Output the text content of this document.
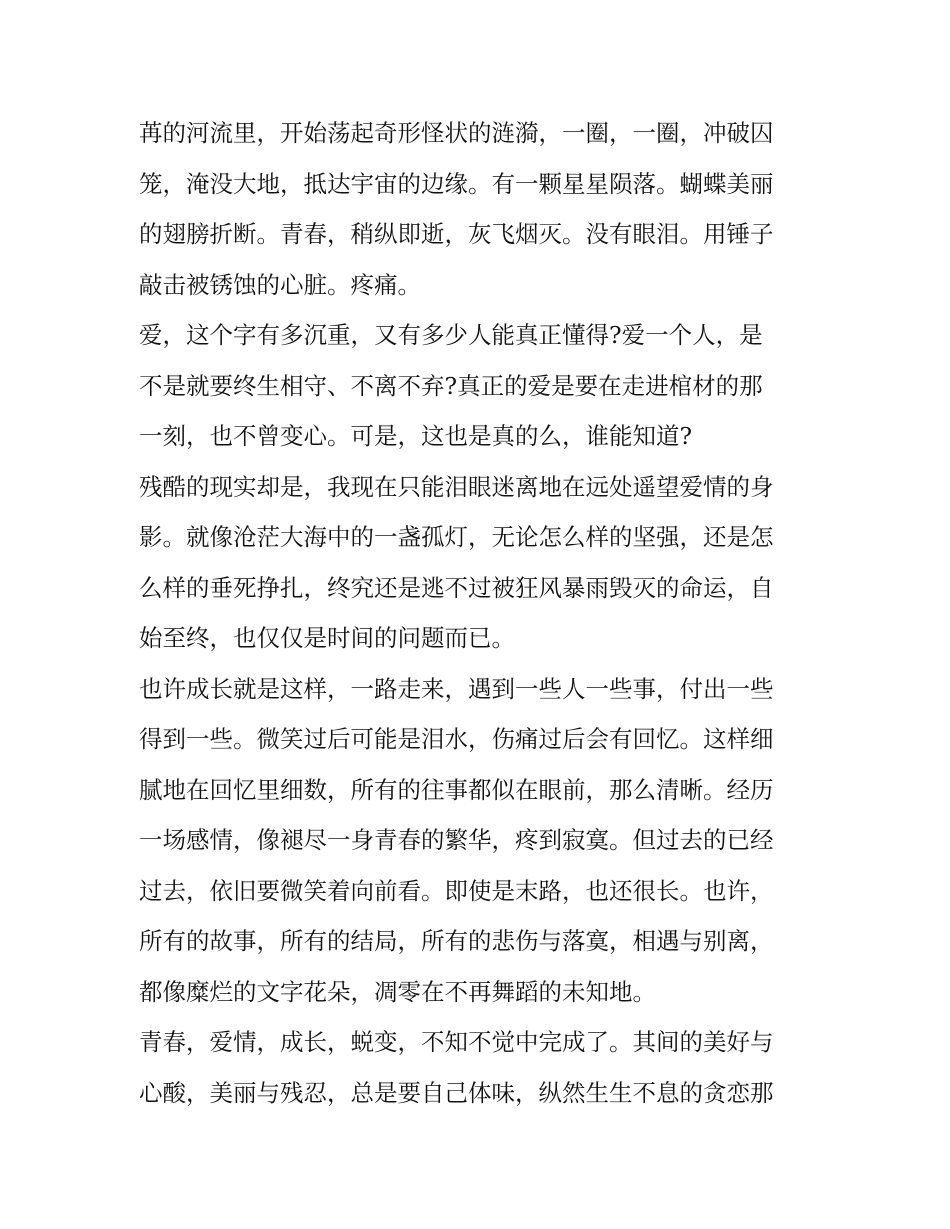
苒的河流里，开始荡起奇形怪状的涟漪，一圈，一圈，冲破囚
笼，淹没大地，抵达宇宙的边缘。有一颗星星陨落。蝴蝶美丽
的翅膀折断。青春，稍纵即逝，灰飞烟灭。没有眼泪。用锤子
敲击被锈蚀的心脏。疼痛。
爱，这个字有多沉重，又有多少人能真正懂得?爱一个人，是
不是就要终生相守、不离不弃?真正的爱是要在走进棺材的那
一刻，也不曾变心。可是，这也是真的么，谁能知道?
残酷的现实却是，我现在只能泪眼迷离地在远处遥望爱情的身
影。就像沧茫大海中的一盏孤灯，无论怎么样的坚强，还是怎
么样的垂死挣扎，终究还是逃不过被狂风暴雨毁灭的命运，自
始至终，也仅仅是时间的问题而已。
也许成长就是这样，一路走来，遇到一些人一些事，付出一些
得到一些。微笑过后可能是泪水，伤痛过后会有回忆。这样细
腻地在回忆里细数，所有的往事都似在眼前，那么清晰。经历
一场感情，像褪尽一身青春的繁华，疼到寂寞。但过去的已经
过去，依旧要微笑着向前看。即使是末路，也还很长。也许，
所有的故事，所有的结局，所有的悲伤与落寞，相遇与别离，
都像糜烂的文字花朵，凋零在不再舞蹈的未知地。
青春，爱情，成长，蜕变，不知不觉中完成了。其间的美好与
心酸，美丽与残忍，总是要自己体味，纵然生生不息的贪恋那
